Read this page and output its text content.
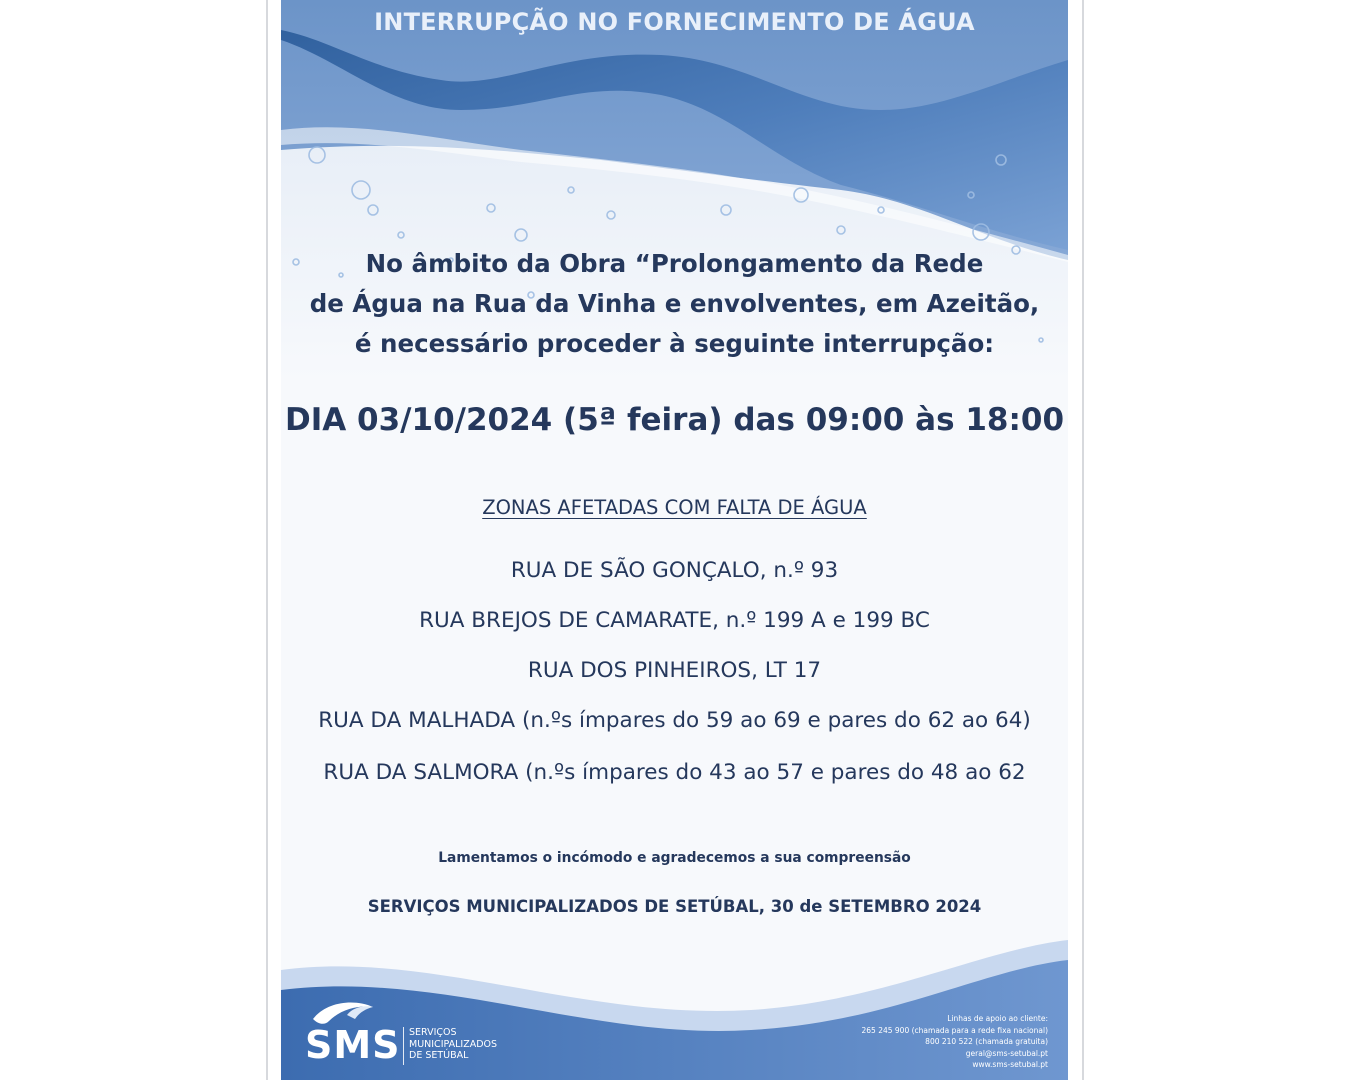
INTERRUPÇÃO NO FORNECIMENTO DE ÁGUA
No âmbito da Obra “Prolongamento da Rede
de Água na Rua da Vinha e envolventes, em Azeitão,
é necessário proceder à seguinte interrupção:
DIA 03/10/2024 (5ª feira) das 09:00 às 18:00
ZONAS AFETADAS COM FALTA DE ÁGUA
RUA DE SÃO GONÇALO, n.º 93
RUA BREJOS DE CAMARATE, n.º 199 A e 199 BC
RUA DOS PINHEIROS, LT 17
RUA DA MALHADA (n.ºs ímpares do 59 ao 69 e pares do 62 ao 64)
RUA DA SALMORA (n.ºs ímpares do 43 ao 57 e pares do 48 ao 62
Lamentamos o incómodo e agradecemos a sua compreensão
SERVIÇOS MUNICIPALIZADOS DE SETÚBAL, 30 de SETEMBRO 2024
SMS SERVIÇOS
MUNICIPALIZADOS
DE SETÚBAL
Linhas de apoio ao cliente:
265 245 900 (chamada para a rede fixa nacional)
800 210 522 (chamada gratuita)
geral@sms-setubal.pt
www.sms-setubal.pt
